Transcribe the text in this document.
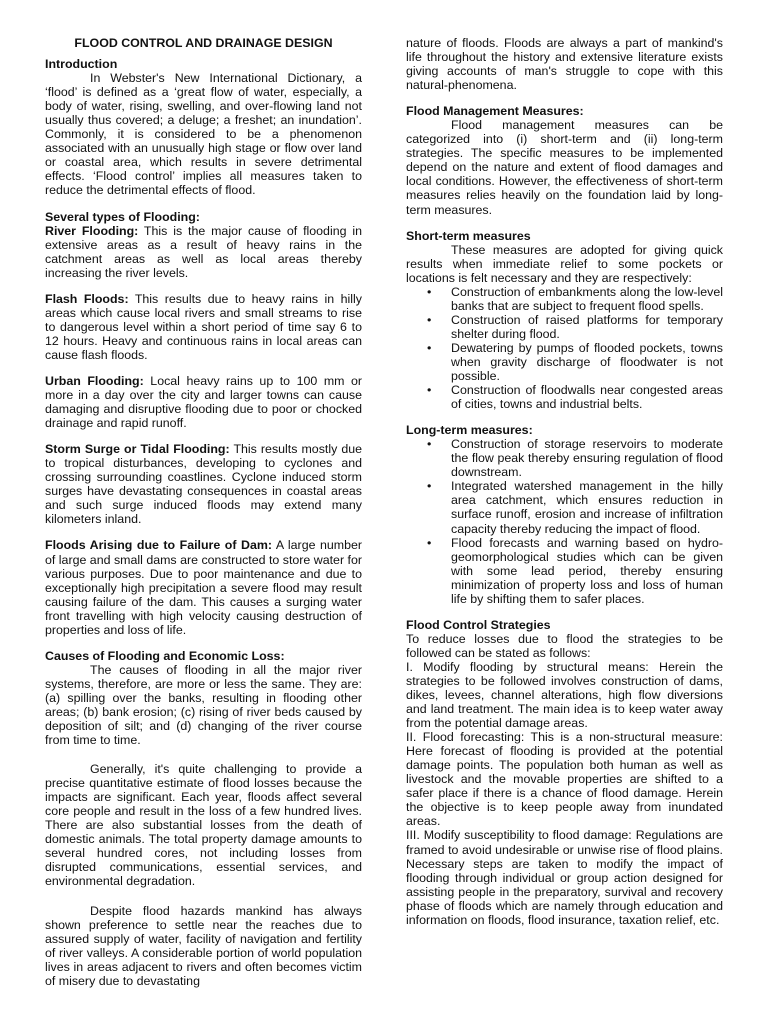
FLOOD CONTROL AND DRAINAGE DESIGN

Introduction

In Webster's New International Dictionary, a ‘flood’ is defined as a ‘great flow of water, especially, a body of water, rising, swelling, and over-flowing land not usually thus covered; a deluge; a freshet; an inundation’. Commonly, it is considered to be a phenomenon associated with an unusually high stage or flow over land or coastal area, which results in severe detrimental effects. ‘Flood control’ implies all measures taken to reduce the detrimental effects of flood.

Several types of Flooding:

River Flooding: This is the major cause of flooding in extensive areas as a result of heavy rains in the catchment areas as well as local areas thereby increasing the river levels.

Flash Floods: This results due to heavy rains in hilly areas which cause local rivers and small streams to rise to dangerous level within a short period of time say 6 to 12 hours. Heavy and continuous rains in local areas can cause flash floods.

Urban Flooding: Local heavy rains up to 100 mm or more in a day over the city and larger towns can cause damaging and disruptive flooding due to poor or chocked drainage and rapid runoff.

Storm Surge or Tidal Flooding: This results mostly due to tropical disturbances, developing to cyclones and crossing surrounding coastlines. Cyclone induced storm surges have devastating consequences in coastal areas and such surge induced floods may extend many kilometers inland.

Floods Arising due to Failure of Dam: A large number of large and small dams are constructed to store water for various purposes. Due to poor maintenance and due to exceptionally high precipitation a severe flood may result causing failure of the dam. This causes a surging water front travelling with high velocity causing destruction of properties and loss of life.

Causes of Flooding and Economic Loss:

The causes of flooding in all the major river systems, therefore, are more or less the same. They are: (a) spilling over the banks, resulting in flooding other areas; (b) bank erosion; (c) rising of river beds caused by deposition of silt; and (d) changing of the river course from time to time.

Generally, it's quite challenging to provide a precise quantitative estimate of flood losses because the impacts are significant. Each year, floods affect several core people and result in the loss of a few hundred lives. There are also substantial losses from the death of domestic animals. The total property damage amounts to several hundred cores, not including losses from disrupted communications, essential services, and environmental degradation.

Despite flood hazards mankind has always shown preference to settle near the reaches due to assured supply of water, facility of navigation and fertility of river valleys. A considerable portion of world population lives in areas adjacent to rivers and often becomes victim of misery due to devastating

nature of floods. Floods are always a part of mankind's life throughout the history and extensive literature exists giving accounts of man's struggle to cope with this natural-phenomena.

Flood Management Measures:

Flood management measures can be categorized into (i) short-term and (ii) long-term strategies. The specific measures to be implemented depend on the nature and extent of flood damages and local conditions. However, the effectiveness of short-term measures relies heavily on the foundation laid by long-term measures.

Short-term measures

These measures are adopted for giving quick results when immediate relief to some pockets or locations is felt necessary and they are respectively:

• Construction of embankments along the low-level banks that are subject to frequent flood spells.
• Construction of raised platforms for temporary shelter during flood.
• Dewatering by pumps of flooded pockets, towns when gravity discharge of floodwater is not possible.
• Construction of floodwalls near congested areas of cities, towns and industrial belts.

Long-term measures:

• Construction of storage reservoirs to moderate the flow peak thereby ensuring regulation of flood downstream.
• Integrated watershed management in the hilly area catchment, which ensures reduction in surface runoff, erosion and increase of infiltration capacity thereby reducing the impact of flood.
• Flood forecasts and warning based on hydro-geomorphological studies which can be given with some lead period, thereby ensuring minimization of property loss and loss of human life by shifting them to safer places.

Flood Control Strategies

To reduce losses due to flood the strategies to be followed can be stated as follows:

I. Modify flooding by structural means: Herein the strategies to be followed involves construction of dams, dikes, levees, channel alterations, high flow diversions and land treatment. The main idea is to keep water away from the potential damage areas.

II. Flood forecasting: This is a non-structural measure: Here forecast of flooding is provided at the potential damage points. The population both human as well as livestock and the movable properties are shifted to a safer place if there is a chance of flood damage. Herein the objective is to keep people away from inundated areas.

III. Modify susceptibility to flood damage: Regulations are framed to avoid undesirable or unwise rise of flood plains. Necessary steps are taken to modify the impact of flooding through individual or group action designed for assisting people in the preparatory, survival and recovery phase of floods which are namely through education and information on floods, flood insurance, taxation relief, etc.
